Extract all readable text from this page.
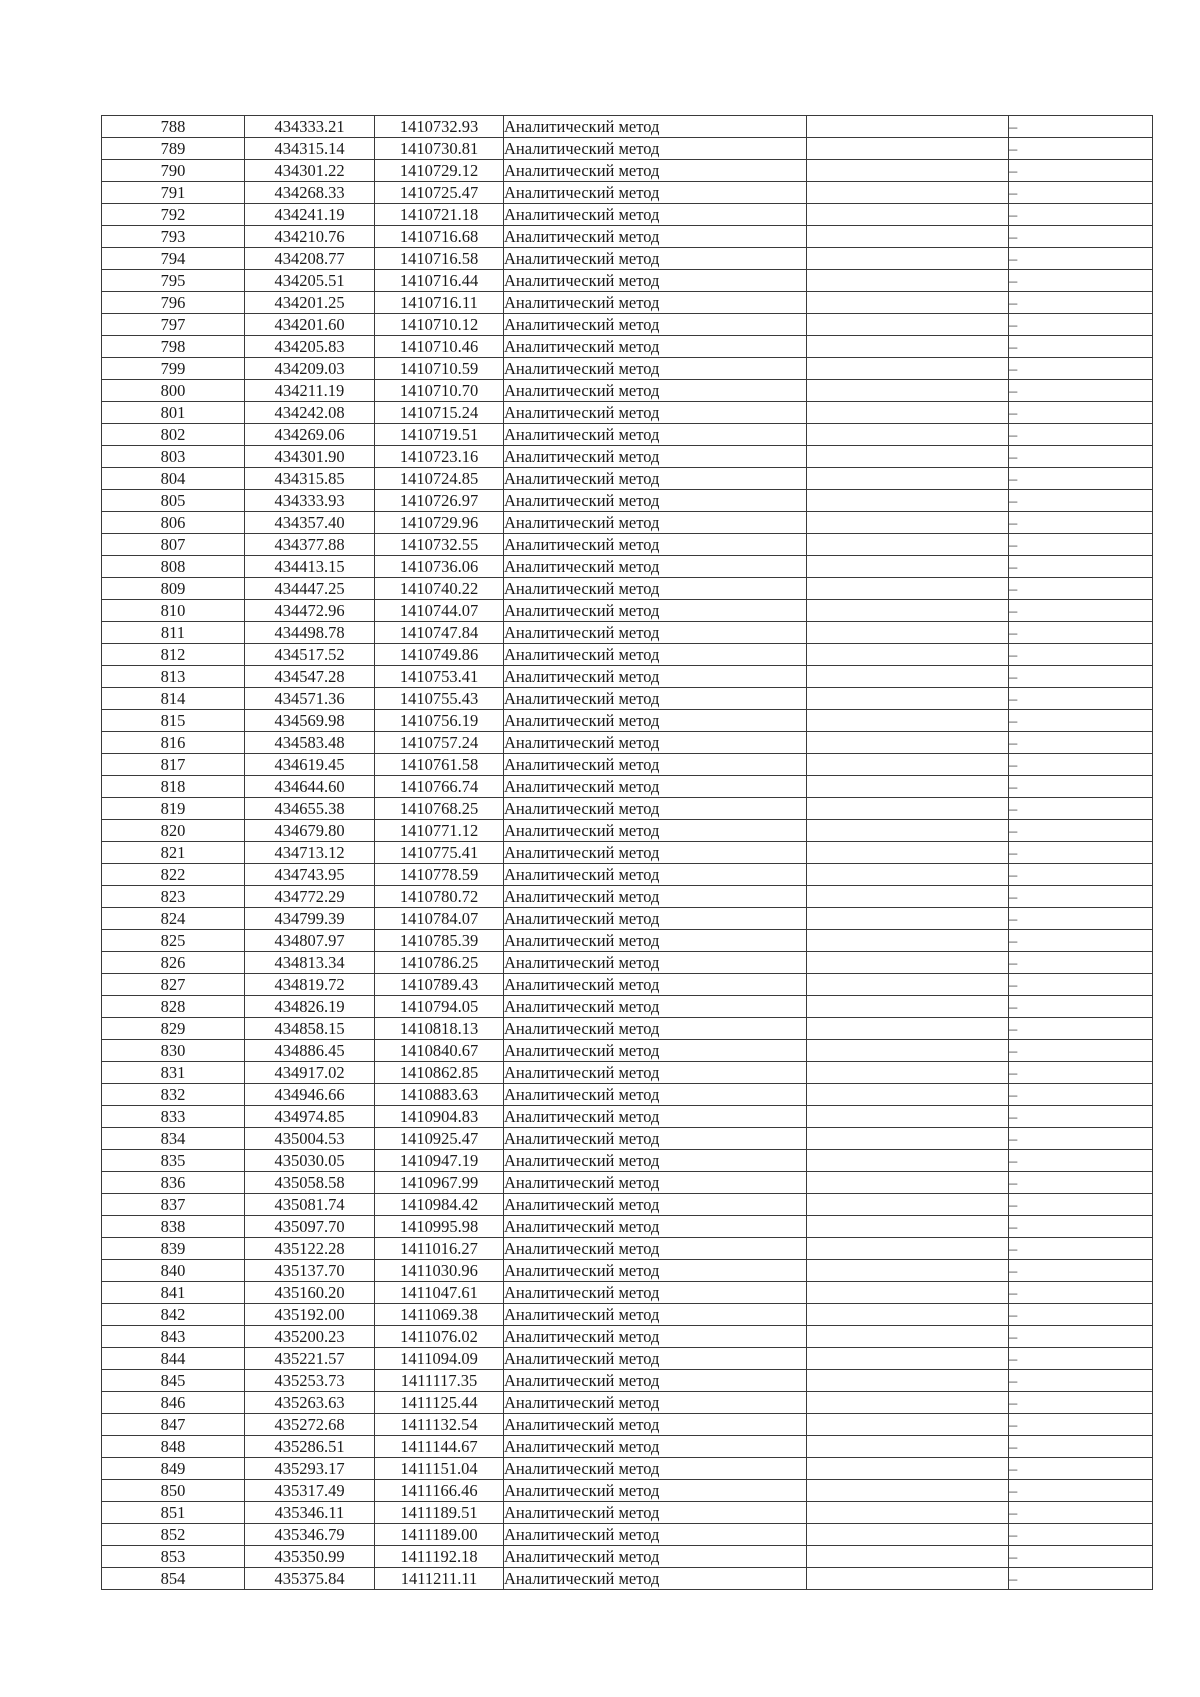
788	434333.21	1410732.93	Аналитический метод		–
789	434315.14	1410730.81	Аналитический метод		–
790	434301.22	1410729.12	Аналитический метод		–
791	434268.33	1410725.47	Аналитический метод		–
792	434241.19	1410721.18	Аналитический метод		–
793	434210.76	1410716.68	Аналитический метод		–
794	434208.77	1410716.58	Аналитический метод		–
795	434205.51	1410716.44	Аналитический метод		–
796	434201.25	1410716.11	Аналитический метод		–
797	434201.60	1410710.12	Аналитический метод		–
798	434205.83	1410710.46	Аналитический метод		–
799	434209.03	1410710.59	Аналитический метод		–
800	434211.19	1410710.70	Аналитический метод		–
801	434242.08	1410715.24	Аналитический метод		–
802	434269.06	1410719.51	Аналитический метод		–
803	434301.90	1410723.16	Аналитический метод		–
804	434315.85	1410724.85	Аналитический метод		–
805	434333.93	1410726.97	Аналитический метод		–
806	434357.40	1410729.96	Аналитический метод		–
807	434377.88	1410732.55	Аналитический метод		–
808	434413.15	1410736.06	Аналитический метод		–
809	434447.25	1410740.22	Аналитический метод		–
810	434472.96	1410744.07	Аналитический метод		–
811	434498.78	1410747.84	Аналитический метод		–
812	434517.52	1410749.86	Аналитический метод		–
813	434547.28	1410753.41	Аналитический метод		–
814	434571.36	1410755.43	Аналитический метод		–
815	434569.98	1410756.19	Аналитический метод		–
816	434583.48	1410757.24	Аналитический метод		–
817	434619.45	1410761.58	Аналитический метод		–
818	434644.60	1410766.74	Аналитический метод		–
819	434655.38	1410768.25	Аналитический метод		–
820	434679.80	1410771.12	Аналитический метод		–
821	434713.12	1410775.41	Аналитический метод		–
822	434743.95	1410778.59	Аналитический метод		–
823	434772.29	1410780.72	Аналитический метод		–
824	434799.39	1410784.07	Аналитический метод		–
825	434807.97	1410785.39	Аналитический метод		–
826	434813.34	1410786.25	Аналитический метод		–
827	434819.72	1410789.43	Аналитический метод		–
828	434826.19	1410794.05	Аналитический метод		–
829	434858.15	1410818.13	Аналитический метод		–
830	434886.45	1410840.67	Аналитический метод		–
831	434917.02	1410862.85	Аналитический метод		–
832	434946.66	1410883.63	Аналитический метод		–
833	434974.85	1410904.83	Аналитический метод		–
834	435004.53	1410925.47	Аналитический метод		–
835	435030.05	1410947.19	Аналитический метод		–
836	435058.58	1410967.99	Аналитический метод		–
837	435081.74	1410984.42	Аналитический метод		–
838	435097.70	1410995.98	Аналитический метод		–
839	435122.28	1411016.27	Аналитический метод		–
840	435137.70	1411030.96	Аналитический метод		–
841	435160.20	1411047.61	Аналитический метод		–
842	435192.00	1411069.38	Аналитический метод		–
843	435200.23	1411076.02	Аналитический метод		–
844	435221.57	1411094.09	Аналитический метод		–
845	435253.73	1411117.35	Аналитический метод		–
846	435263.63	1411125.44	Аналитический метод		–
847	435272.68	1411132.54	Аналитический метод		–
848	435286.51	1411144.67	Аналитический метод		–
849	435293.17	1411151.04	Аналитический метод		–
850	435317.49	1411166.46	Аналитический метод		–
851	435346.11	1411189.51	Аналитический метод		–
852	435346.79	1411189.00	Аналитический метод		–
853	435350.99	1411192.18	Аналитический метод		–
854	435375.84	1411211.11	Аналитический метод		–
